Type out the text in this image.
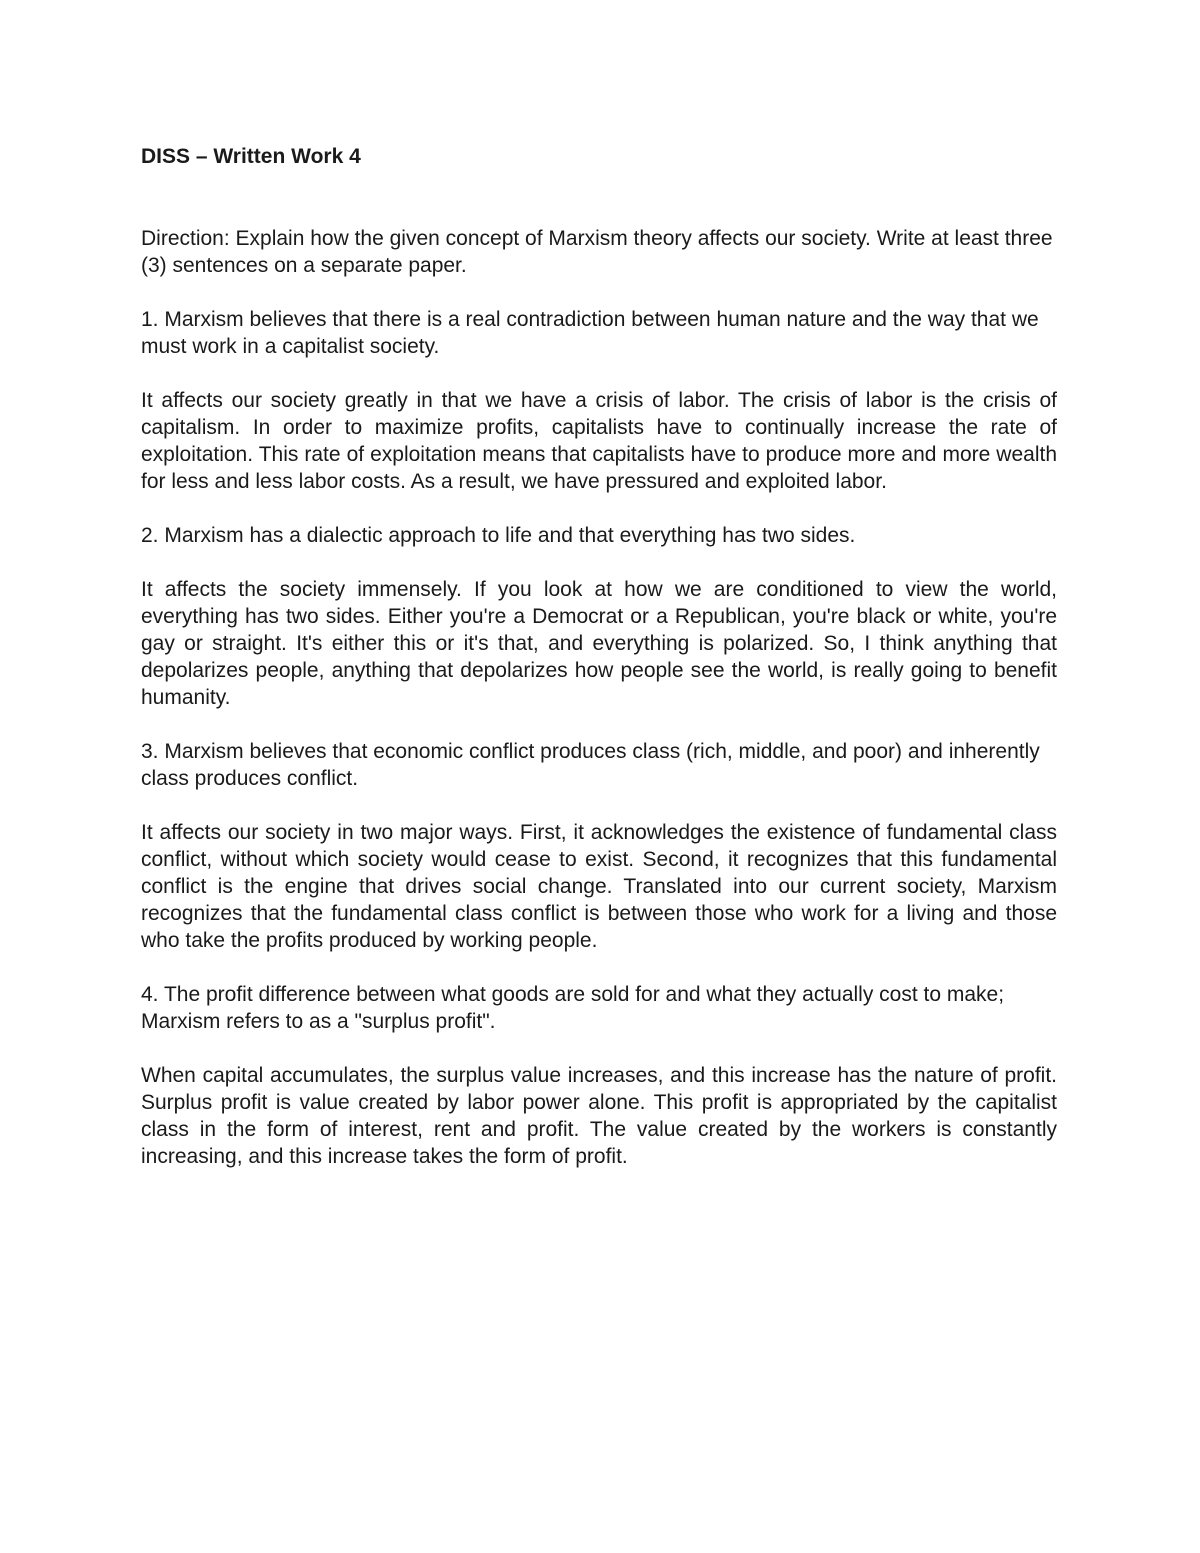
DISS – Written Work 4

Direction: Explain how the given concept of Marxism theory affects our society. Write at least three (3) sentences on a separate paper.

1. Marxism believes that there is a real contradiction between human nature and the way that we must work in a capitalist society.

It affects our society greatly in that we have a crisis of labor. The crisis of labor is the crisis of capitalism. In order to maximize profits, capitalists have to continually increase the rate of exploitation. This rate of exploitation means that capitalists have to produce more and more wealth for less and less labor costs. As a result, we have pressured and exploited labor.

2. Marxism has a dialectic approach to life and that everything has two sides.

It affects the society immensely. If you look at how we are conditioned to view the world, everything has two sides. Either you're a Democrat or a Republican, you're black or white, you're gay or straight. It's either this or it's that, and everything is polarized. So, I think anything that depolarizes people, anything that depolarizes how people see the world, is really going to benefit humanity.

3. Marxism believes that economic conflict produces class (rich, middle, and poor) and inherently class produces conflict.

It affects our society in two major ways. First, it acknowledges the existence of fundamental class conflict, without which society would cease to exist. Second, it recognizes that this fundamental conflict is the engine that drives social change. Translated into our current society, Marxism recognizes that the fundamental class conflict is between those who work for a living and those who take the profits produced by working people.

4. The profit difference between what goods are sold for and what they actually cost to make; Marxism refers to as a "surplus profit".

When capital accumulates, the surplus value increases, and this increase has the nature of profit. Surplus profit is value created by labor power alone. This profit is appropriated by the capitalist class in the form of interest, rent and profit. The value created by the workers is constantly increasing, and this increase takes the form of profit.
